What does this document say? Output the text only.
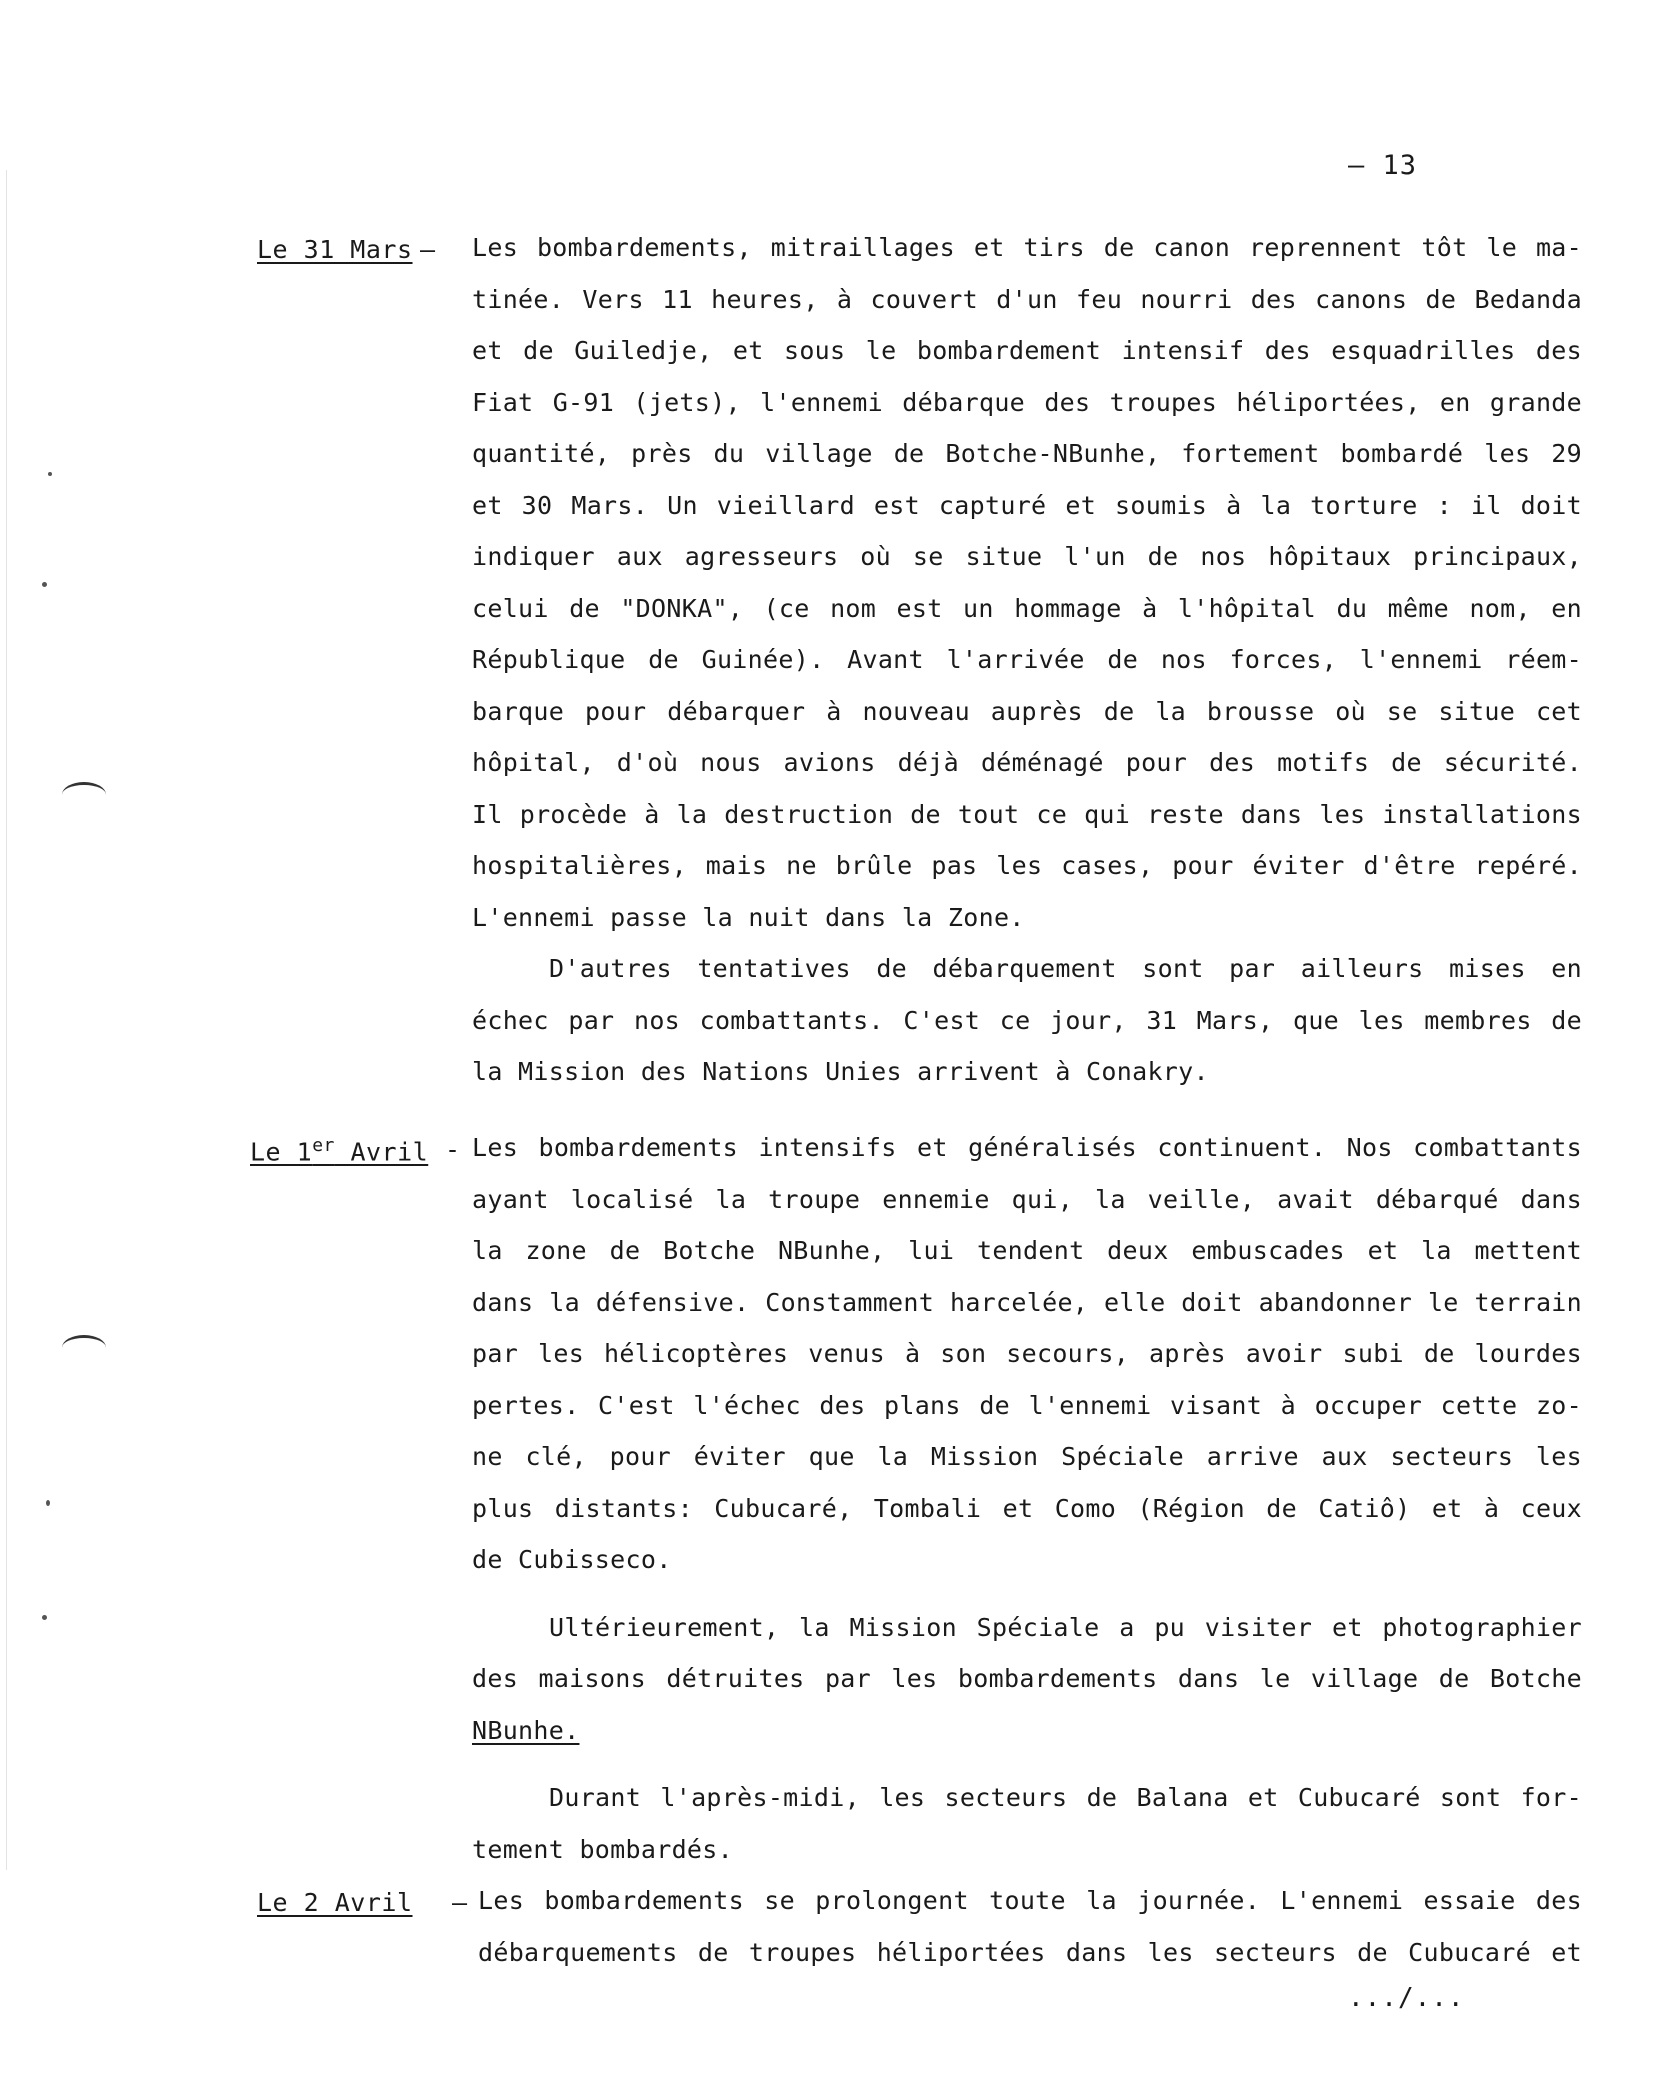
— 13
Le 31 Mars – Les bombardements, mitraillages et tirs de canon reprennent tôt le ma-
tinée. Vers 11 heures, à couvert d'un feu nourri des canons de Bedanda
et de Guiledje, et sous le bombardement intensif des esquadrilles des
Fiat G-91 (jets), l'ennemi débarque des troupes héliportées, en grande
quantité, près du village de Botche-NBunhe, fortement bombardé les 29
et 30 Mars. Un vieillard est capturé et soumis à la torture : il doit
indiquer aux agresseurs où se situe l'un de nos hôpitaux principaux,
celui de "DONKA", (ce nom est un hommage à l'hôpital du même nom, en
République de Guinée). Avant l'arrivée de nos forces, l'ennemi réem-
barque pour débarquer à nouveau auprès de la brousse où se situe cet
hôpital, d'où nous avions déjà déménagé pour des motifs de sécurité.
Il procède à la destruction de tout ce qui reste dans les installations
hospitalières, mais ne brûle pas les cases, pour éviter d'être repéré.
L'ennemi passe la nuit dans la Zone.
D'autres tentatives de débarquement sont par ailleurs mises en
échec par nos combattants. C'est ce jour, 31 Mars, que les membres de
la Mission des Nations Unies arrivent à Conakry.
Le 1er Avril - Les bombardements intensifs et généralisés continuent. Nos combattants
ayant localisé la troupe ennemie qui, la veille, avait débarqué dans
la zone de Botche NBunhe, lui tendent deux embuscades et la mettent
dans la défensive. Constamment harcelée, elle doit abandonner le terrain
par les hélicoptères venus à son secours, après avoir subi de lourdes
pertes. C'est l'échec des plans de l'ennemi visant à occuper cette zo-
ne clé, pour éviter que la Mission Spéciale arrive aux secteurs les
plus distants: Cubucaré, Tombali et Como (Région de Catiô) et à ceux
de Cubisseco.
Ultérieurement, la Mission Spéciale a pu visiter et photographier
des maisons détruites par les bombardements dans le village de Botche
NBunhe.
Durant l'après-midi, les secteurs de Balana et Cubucaré sont for-
tement bombardés.
Le 2 Avril – Les bombardements se prolongent toute la journée. L'ennemi essaie des
débarquements de troupes héliportées dans les secteurs de Cubucaré et
.../...
